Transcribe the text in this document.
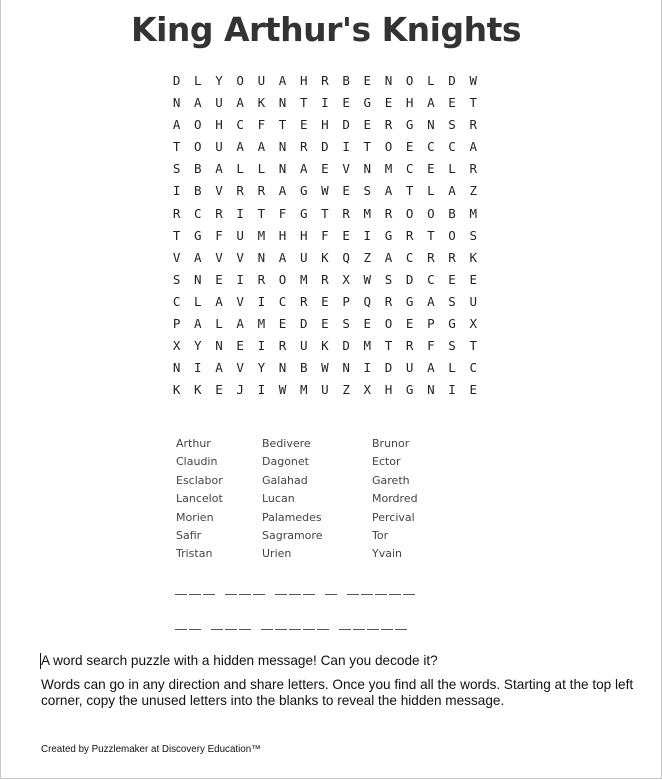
King Arthur's Knights
D	L	Y	O	U	A	H	R	B	E	N	O	L	D	W
N	A	U	A	K	N	T	I	E	G	E	H	A	E	T
A	O	H	C	F	T	E	H	D	E	R	G	N	S	R
T	O	U	A	A	N	R	D	I	T	O	E	C	C	A
S	B	A	L	L	N	A	E	V	N	M	C	E	L	R
I	B	V	R	R	A	G	W	E	S	A	T	L	A	Z
R	C	R	I	T	F	G	T	R	M	R	O	O	B	M
T	G	F	U	M	H	H	F	E	I	G	R	T	O	S
V	A	V	V	N	A	U	K	Q	Z	A	C	R	R	K
S	N	E	I	R	O	M	R	X	W	S	D	C	E	E
C	L	A	V	I	C	R	E	P	Q	R	G	A	S	U
P	A	L	A	M	E	D	E	S	E	O	E	P	G	X
X	Y	N	E	I	R	U	K	D	M	T	R	F	S	T
N	I	A	V	Y	N	B	W	N	I	D	U	A	L	C
K	K	E	J	I	W	M	U	Z	X	H	G	N	I	E
Arthur	Bedivere	Brunor
Claudin	Dagonet	Ector
Esclabor	Galahad	Gareth
Lancelot	Lucan	Mordred
Morien	Palamedes	Percival
Safir	Sagramore	Tor
Tristan	Urien	Yvain
A word search puzzle with a hidden message! Can you decode it?
Words can go in any direction and share letters. Once you find all the words. Starting at the top left corner, copy the unused letters into the blanks to reveal the hidden message.
Created by Puzzlemaker at Discovery Education™
